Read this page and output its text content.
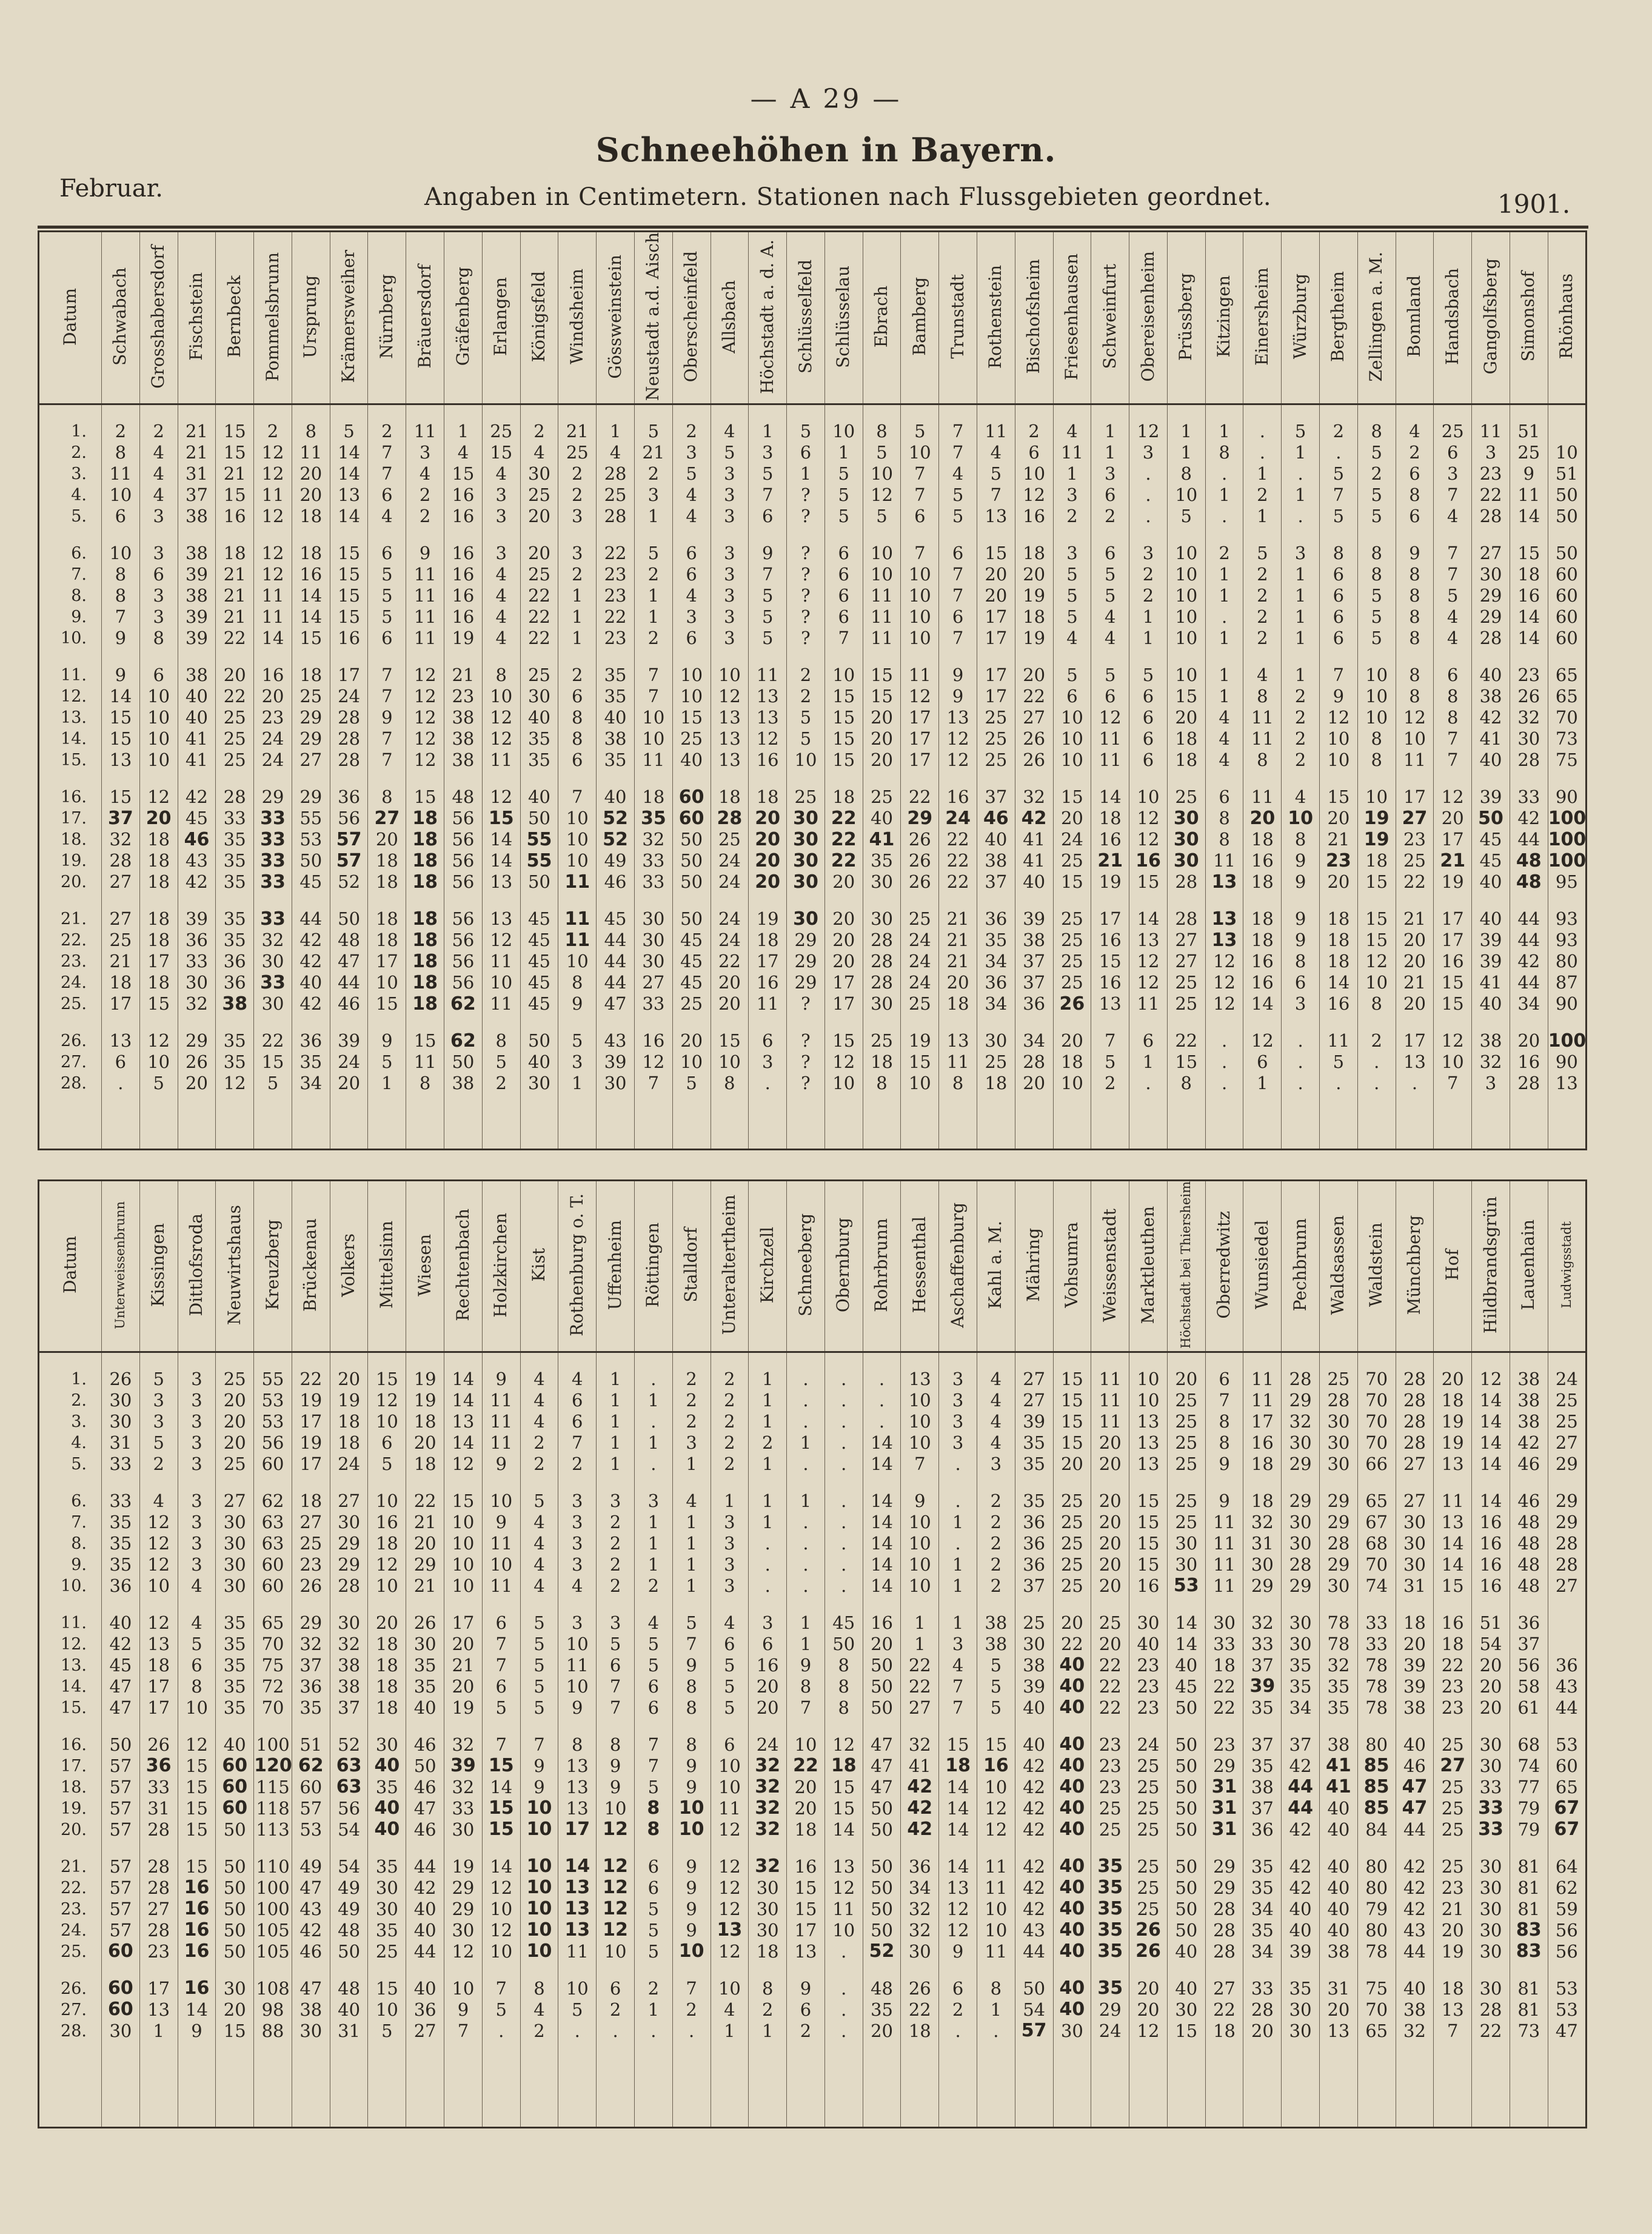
— A 29 —
Schneehöhen in Bayern.
Februar.	Angaben in Centimetern. Stationen nach Flussgebieten geordnet.	1901.
Datum	Schwabach	Grosshabersdorf	Fischstein	Bernbeck	Pommelsbrunn	Ursprung	Krämersweiher	Nürnberg	Bräuersdorf	Gräfenberg	Erlangen	Königsfeld	Windsheim	Gössweinstein	Neustadt a.d. Aisch	Oberscheinfeld	Allsbach	Höchstadt a. d. A.	Schlüsselfeld	Schlüsselau	Ebrach	Bamberg	Trunstadt	Rothenstein	Bischofsheim	Friesenhausen	Schweinfurt	Obereisenheim	Prüssberg	Kitzingen	Einersheim	Würzburg	Bergtheim	Zellingen a. M.	Bonnland	Handsbach	Gangolfsberg	Simonshof	Rhönhaus
1.	2	2	21	15	2	8	5	2	11	1	25	2	21	1	5	2	4	1	5	10	8	5	7	11	2	4	1	12	1	1	.	5	2	8	4	25	11	51	
2.	8	4	21	15	12	11	14	7	3	4	15	4	25	4	21	3	5	3	6	1	5	10	7	4	6	11	1	3	1	8	.	1	.	5	2	6	3	25	10
3.	11	4	31	21	12	20	14	7	4	15	4	30	2	28	2	5	3	5	1	5	10	7	4	5	10	1	3	.	8	.	1	.	5	2	6	3	23	9	51
4.	10	4	37	15	11	20	13	6	2	16	3	25	2	25	3	4	3	7	?	5	12	7	5	7	12	3	6	.	10	1	2	1	7	5	8	7	22	11	50
5.	6	3	38	16	12	18	14	4	2	16	3	20	3	28	1	4	3	6	?	5	5	6	5	13	16	2	2	.	5	.	1	.	5	5	6	4	28	14	50
6.	10	3	38	18	12	18	15	6	9	16	3	20	3	22	5	6	3	9	?	6	10	7	6	15	18	3	6	3	10	2	5	3	8	8	9	7	27	15	50
7.	8	6	39	21	12	16	15	5	11	16	4	25	2	23	2	6	3	7	?	6	10	10	7	20	20	5	5	2	10	1	2	1	6	8	8	7	30	18	60
8.	8	3	38	21	11	14	15	5	11	16	4	22	1	23	1	4	3	5	?	6	11	10	7	20	19	5	5	2	10	1	2	1	6	5	8	5	29	16	60
9.	7	3	39	21	11	14	15	5	11	16	4	22	1	22	1	3	3	5	?	6	11	10	6	17	18	5	4	1	10	.	2	1	6	5	8	4	29	14	60
10.	9	8	39	22	14	15	16	6	11	19	4	22	1	23	2	6	3	5	?	7	11	10	7	17	19	4	4	1	10	1	2	1	6	5	8	4	28	14	60
11.	9	6	38	20	16	18	17	7	12	21	8	25	2	35	7	10	10	11	2	10	15	11	9	17	20	5	5	5	10	1	4	1	7	10	8	6	40	23	65
12.	14	10	40	22	20	25	24	7	12	23	10	30	6	35	7	10	12	13	2	15	15	12	9	17	22	6	6	6	15	1	8	2	9	10	8	8	38	26	65
13.	15	10	40	25	23	29	28	9	12	38	12	40	8	40	10	15	13	13	5	15	20	17	13	25	27	10	12	6	20	4	11	2	12	10	12	8	42	32	70
14.	15	10	41	25	24	29	28	7	12	38	12	35	8	38	10	25	13	12	5	15	20	17	12	25	26	10	11	6	18	4	11	2	10	8	10	7	41	30	73
15.	13	10	41	25	24	27	28	7	12	38	11	35	6	35	11	40	13	16	10	15	20	17	12	25	26	10	11	6	18	4	8	2	10	8	11	7	40	28	75
16.	15	12	42	28	29	29	36	8	15	48	12	40	7	40	18	60	18	18	25	18	25	22	16	37	32	15	14	10	25	6	11	4	15	10	17	12	39	33	90
17.	37	20	45	33	33	55	56	27	18	56	15	50	10	52	35	60	28	20	30	22	40	29	24	46	42	20	18	12	30	8	20	10	20	19	27	20	50	42	100
18.	32	18	46	35	33	53	57	20	18	56	14	55	10	52	32	50	25	20	30	22	41	26	22	40	41	24	16	12	30	8	18	8	21	19	23	17	45	44	100
19.	28	18	43	35	33	50	57	18	18	56	14	55	10	49	33	50	24	20	30	22	35	26	22	38	41	25	21	16	30	11	16	9	23	18	25	21	45	48	100
20.	27	18	42	35	33	45	52	18	18	56	13	50	11	46	33	50	24	20	30	20	30	26	22	37	40	15	19	15	28	13	18	9	20	15	22	19	40	48	95
21.	27	18	39	35	33	44	50	18	18	56	13	45	11	45	30	50	24	19	30	20	30	25	21	36	39	25	17	14	28	13	18	9	18	15	21	17	40	44	93
22.	25	18	36	35	32	42	48	18	18	56	12	45	11	44	30	45	24	18	29	20	28	24	21	35	38	25	16	13	27	13	18	9	18	15	20	17	39	44	93
23.	21	17	33	36	30	42	47	17	18	56	11	45	10	44	30	45	22	17	29	20	28	24	21	34	37	25	15	12	27	12	16	8	18	12	20	16	39	42	80
24.	18	18	30	36	33	40	44	10	18	56	10	45	8	44	27	45	20	16	29	17	28	24	20	36	37	25	16	12	25	12	16	6	14	10	21	15	41	44	87
25.	17	15	32	38	30	42	46	15	18	62	11	45	9	47	33	25	20	11	?	17	30	25	18	34	36	26	13	11	25	12	14	3	16	8	20	15	40	34	90
26.	13	12	29	35	22	36	39	9	15	62	8	50	5	43	16	20	15	6	?	15	25	19	13	30	34	20	7	6	22	.	12	.	11	2	17	12	38	20	100
27.	6	10	26	35	15	35	24	5	11	50	5	40	3	39	12	10	10	3	?	12	18	15	11	25	28	18	5	1	15	.	6	.	5	.	13	10	32	16	90
28.	.	5	20	12	5	34	20	1	8	38	2	30	1	30	7	5	8	.	?	10	8	10	8	18	20	10	2	.	8	.	1	.	.	.	.	7	3	28	13

Datum	Unterweissenbrunn	Kissingen	Dittlofsroda	Neuwirtshaus	Kreuzberg	Brückenau	Volkers	Mittelsinn	Wiesen	Rechtenbach	Holzkirchen	Kist	Rothenburg o. T.	Uffenheim	Röttingen	Stalldorf	Unteraltertheim	Kirchzell	Schneeberg	Obernburg	Rohrbrunn	Hessenthal	Aschaffenburg	Kahl a. M.	Mähring	Vohsumra	Weissenstadt	Marktleuthen	Höchstadt bei Thiersheim	Oberredwitz	Wunsiedel	Pechbrunn	Waldsassen	Waldstein	Münchberg	Hof	Hildbrandsgrün	Lauenhain	Ludwigsstadt
1.	26	5	3	25	55	22	20	15	19	14	9	4	4	1	.	2	2	1	.	.	.	13	3	4	27	15	11	10	20	6	11	28	25	70	28	20	12	38	24
2.	30	3	3	20	53	19	19	12	19	14	11	4	6	1	1	2	2	1	.	.	.	10	3	4	27	15	11	10	25	7	11	29	28	70	28	18	14	38	25
3.	30	3	3	20	53	17	18	10	18	13	11	4	6	1	.	2	2	1	.	.	.	10	3	4	39	15	11	13	25	8	17	32	30	70	28	19	14	38	25
4.	31	5	3	20	56	19	18	6	20	14	11	2	7	1	1	3	2	2	1	.	14	10	3	4	35	15	20	13	25	8	16	30	30	70	28	19	14	42	27
5.	33	2	3	25	60	17	24	5	18	12	9	2	2	1	.	1	2	1	.	.	14	7	.	3	35	20	20	13	25	9	18	29	30	66	27	13	14	46	29
6.	33	4	3	27	62	18	27	10	22	15	10	5	3	3	3	4	1	1	1	.	14	9	.	2	35	25	20	15	25	9	18	29	29	65	27	11	14	46	29
7.	35	12	3	30	63	27	30	16	21	10	9	4	3	2	1	1	3	1	.	.	14	10	1	2	36	25	20	15	25	11	32	30	29	67	30	13	16	48	29
8.	35	12	3	30	63	25	29	18	20	10	11	4	3	2	1	1	3	.	.	.	14	10	.	2	36	25	20	15	30	11	31	30	28	68	30	14	16	48	28
9.	35	12	3	30	60	23	29	12	29	10	10	4	3	2	1	1	3	.	.	.	14	10	1	2	36	25	20	15	30	11	30	28	29	70	30	14	16	48	28
10.	36	10	4	30	60	26	28	10	21	10	11	4	4	2	2	1	3	.	.	.	14	10	1	2	37	25	20	16	53	11	29	29	30	74	31	15	16	48	27
11.	40	12	4	35	65	29	30	20	26	17	6	5	3	3	4	5	4	3	1	45	16	1	1	38	25	20	25	30	14	30	32	30	78	33	18	16	51	36	
12.	42	13	5	35	70	32	32	18	30	20	7	5	10	5	5	7	6	6	1	50	20	1	3	38	30	22	20	40	14	33	33	30	78	33	20	18	54	37	
13.	45	18	6	35	75	37	38	18	35	21	7	5	11	6	5	9	5	16	9	8	50	22	4	5	38	40	22	23	40	18	37	35	32	78	39	22	20	56	36
14.	47	17	8	35	72	36	38	18	35	20	6	5	10	7	6	8	5	20	8	8	50	22	7	5	39	40	22	23	45	22	39	35	35	78	39	23	20	58	43
15.	47	17	10	35	70	35	37	18	40	19	5	5	9	7	6	8	5	20	7	8	50	27	7	5	40	40	22	23	50	22	35	34	35	78	38	23	20	61	44
16.	50	26	12	40	100	51	52	30	46	32	7	7	8	8	7	8	6	24	10	12	47	32	15	15	40	40	23	24	50	23	37	37	38	80	40	25	30	68	53
17.	57	36	15	60	120	62	63	40	50	39	15	9	13	9	7	9	10	32	22	18	47	41	18	16	42	40	23	25	50	29	35	42	41	85	46	27	30	74	60
18.	57	33	15	60	115	60	63	35	46	32	14	9	13	9	5	9	10	32	20	15	47	42	14	10	42	40	23	25	50	31	38	44	41	85	47	25	33	77	65
19.	57	31	15	60	118	57	56	40	47	33	15	10	13	10	8	10	11	32	20	15	50	42	14	12	42	40	25	25	50	31	37	44	40	85	47	25	33	79	67
20.	57	28	15	50	113	53	54	40	46	30	15	10	17	12	8	10	12	32	18	14	50	42	14	12	42	40	25	25	50	31	36	42	40	84	44	25	33	79	67
21.	57	28	15	50	110	49	54	35	44	19	14	10	14	12	6	9	12	32	16	13	50	36	14	11	42	40	35	25	50	29	35	42	40	80	42	25	30	81	64
22.	57	28	16	50	100	47	49	30	42	29	12	10	13	12	6	9	12	30	15	12	50	34	13	11	42	40	35	25	50	29	35	42	40	80	42	23	30	81	62
23.	57	27	16	50	100	43	49	30	40	29	10	10	13	12	5	9	12	30	15	11	50	32	12	10	42	40	35	25	50	28	34	40	40	79	42	21	30	81	59
24.	57	28	16	50	105	42	48	35	40	30	12	10	13	12	5	9	13	30	17	10	50	32	12	10	43	40	35	26	50	28	35	40	40	80	43	20	30	83	56
25.	60	23	16	50	105	46	50	25	44	12	10	10	11	10	5	10	12	18	13	.	52	30	9	11	44	40	35	26	40	28	34	39	38	78	44	19	30	83	56
26.	60	17	16	30	108	47	48	15	40	10	7	8	10	6	2	7	10	8	9	.	48	26	6	8	50	40	35	20	40	27	33	35	31	75	40	18	30	81	53
27.	60	13	14	20	98	38	40	10	36	9	5	4	5	2	1	2	4	2	6	.	35	22	2	1	54	40	29	20	30	22	28	30	20	70	38	13	28	81	53
28.	30	1	9	15	88	30	31	5	27	7	.	2	.	.	.	.	1	1	2	.	20	18	.	.	57	30	24	12	15	18	20	30	13	65	32	7	22	73	47
